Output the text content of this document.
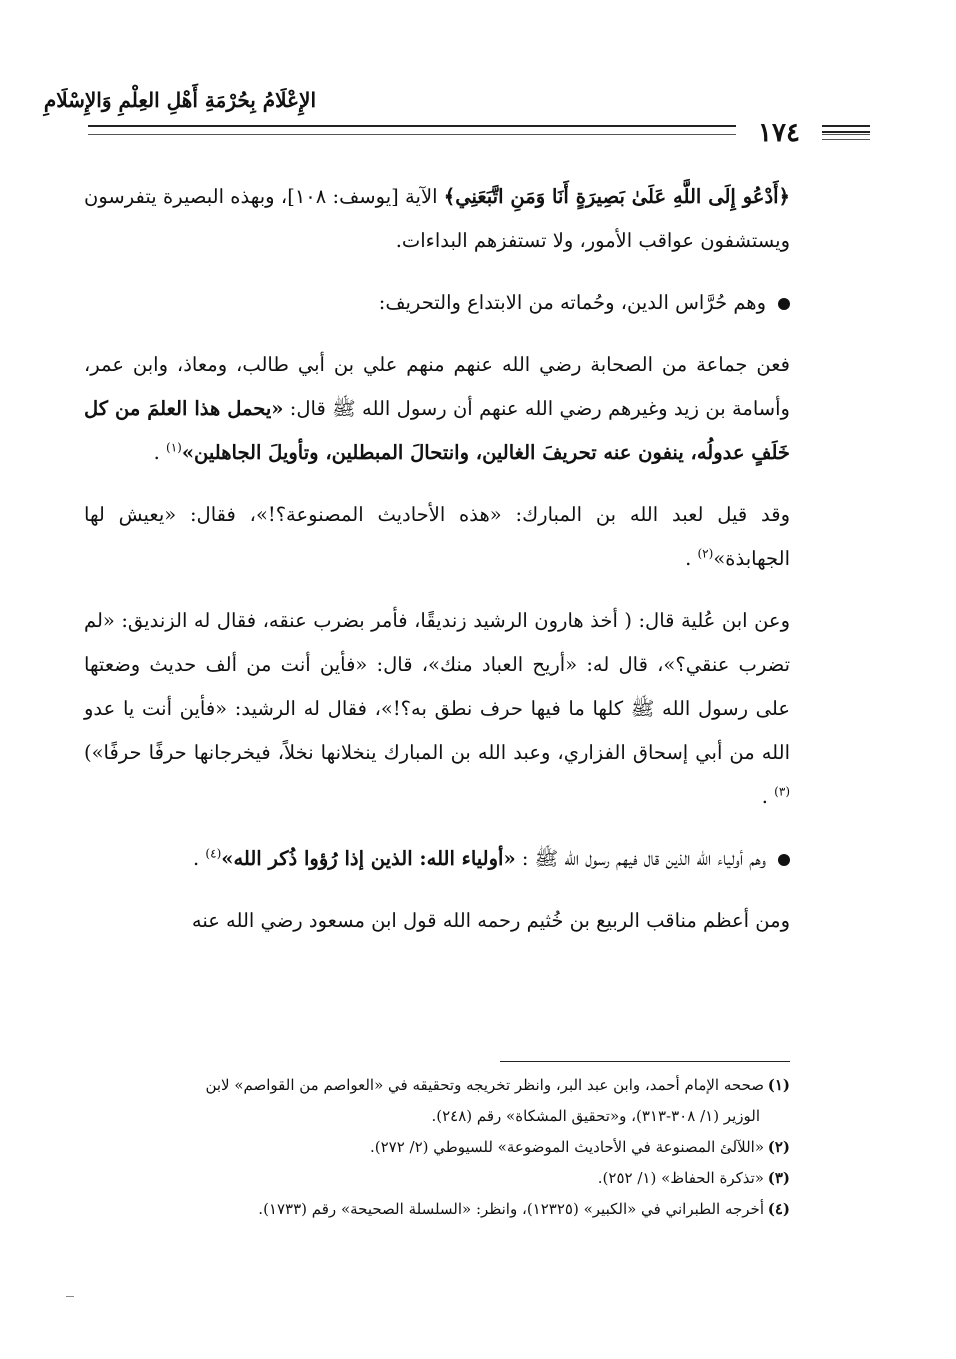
الإِعْلَامُ بِحُرْمَةِ أَهْلِ العِلْمِ وَالإِسْلَامِ
١٧٤

﴿أَدْعُو إِلَى اللَّهِ عَلَىٰ بَصِيرَةٍ أَنَا وَمَنِ اتَّبَعَنِي﴾ الآية [يوسف: ١٠٨]، وبهذه البصيرة يتفرسون ويستشفون عواقب الأمور، ولا تستفزهم البداءات.

وهم حُرَّاس الدين، وحُماته من الابتداع والتحريف:

فعن جماعة من الصحابة رضي الله عنهم منهم علي بن أبي طالب، ومعاذ، وابن عمر، وأسامة بن زيد وغيرهم رضي الله عنهم أن رسول الله ﷺ قال: «يحمل هذا العلمَ من كل خَلَفٍ عدولُه، ينفون عنه تحريفَ الغالين، وانتحالَ المبطلين، وتأويلَ الجاهلين»$^{(١)}$ .

وقد قيل لعبد الله بن المبارك: «هذه الأحاديث المصنوعة؟!»، فقال: «يعيش لها الجهابذة»$^{(٢)}$ .

وعن ابن عُلية قال: ( أخذ هارون الرشيد زنديقًا، فأمر بضرب عنقه، فقال له الزنديق: «لم تضرب عنقي؟»، قال له: «أريح العباد منك»، قال: «فأين أنت من ألف حديث وضعتها على رسول الله ﷺ كلها ما فيها حرف نطق به؟!»، فقال له الرشيد: «فأين أنت يا عدو الله من أبي إسحاق الفزاري، وعبد الله بن المبارك ينخلانها نخلاً، فيخرجانها حرفًا حرفًا»)$^{(٣)}$ .

وهم أولياء الله الذين قال فيهم رسول الله ﷺ : «أولياء الله: الذين إذا رُؤوا ذُكر الله»$^{(٤)}$ .

ومن أعظم مناقب الربيع بن خُثيم رحمه الله قول ابن مسعود رضي الله عنه

(١)صححه الإمام أحمد، وابن عبد البر، وانظر تخريجه وتحقيقه في «العواصم من القواصم» لابن

الوزير (١/ ٣٠٨-٣١٣)، و«تحقيق المشكاة» رقم (٢٤٨).

(٢)«اللآلئ المصنوعة في الأحاديث الموضوعة» للسيوطي (٢/ ٢٧٢).

(٣)«تذكرة الحفاظ» (١/ ٢٥٢).

(٤)أخرجه الطبراني في «الكبير» (١٢٣٢٥)، وانظر: «السلسلة الصحيحة» رقم (١٧٣٣).
